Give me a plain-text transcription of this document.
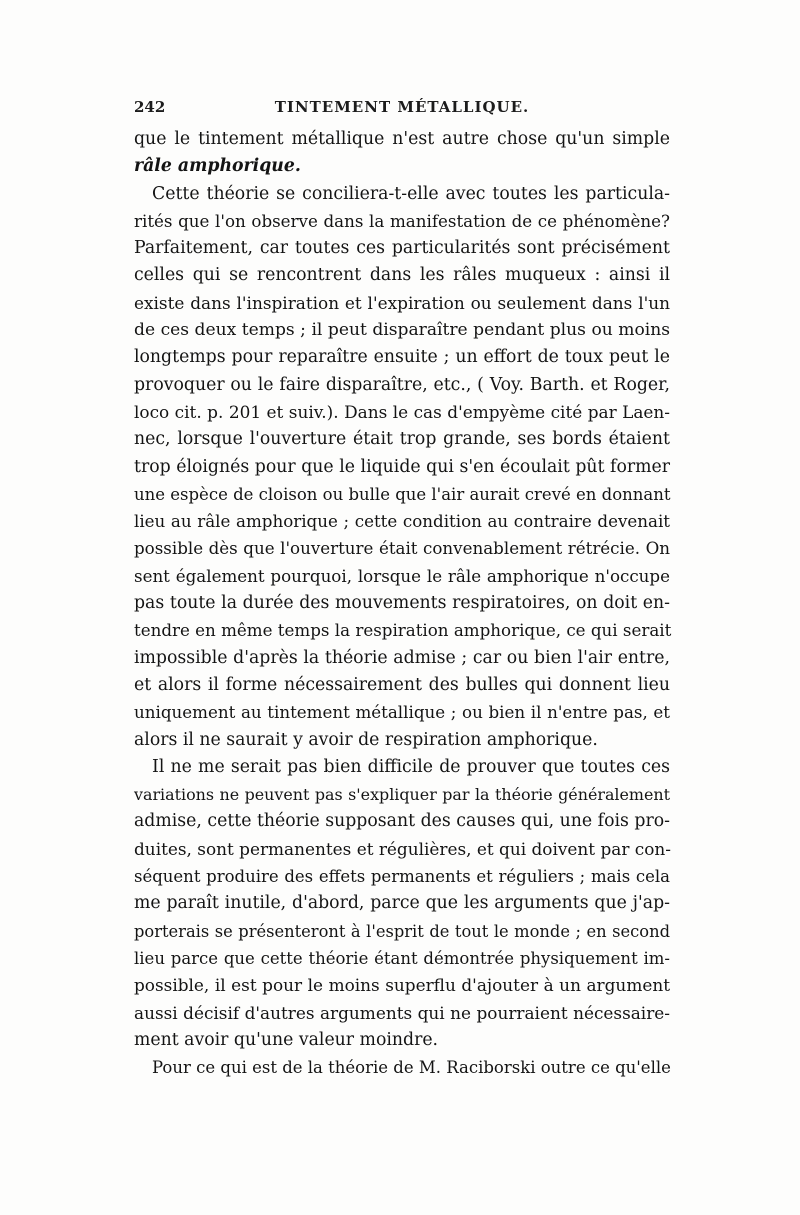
242	TINTEMENT MÉTALLIQUE.
que le tintement métallique n'est autre chose qu'un simple
râle amphorique.
Cette théorie se conciliera-t-elle avec toutes les particula-
rités que l'on observe dans la manifestation de ce phénomène?
Parfaitement, car toutes ces particularités sont précisément
celles qui se rencontrent dans les râles muqueux : ainsi il
existe dans l'inspiration et l'expiration ou seulement dans l'un
de ces deux temps ; il peut disparaître pendant plus ou moins
longtemps pour reparaître ensuite ; un effort de toux peut le
provoquer ou le faire disparaître, etc., ( Voy. Barth. et Roger,
loco cit. p. 201 et suiv.). Dans le cas d'empyème cité par Laen-
nec, lorsque l'ouverture était trop grande, ses bords étaient
trop éloignés pour que le liquide qui s'en écoulait pût former
une espèce de cloison ou bulle que l'air aurait crevé en donnant
lieu au râle amphorique ; cette condition au contraire devenait
possible dès que l'ouverture était convenablement rétrécie. On
sent également pourquoi, lorsque le râle amphorique n'occupe
pas toute la durée des mouvements respiratoires, on doit en-
tendre en même temps la respiration amphorique, ce qui serait
impossible d'après la théorie admise ; car ou bien l'air entre,
et alors il forme nécessairement des bulles qui donnent lieu
uniquement au tintement métallique ; ou bien il n'entre pas, et
alors il ne saurait y avoir de respiration amphorique.
Il ne me serait pas bien difficile de prouver que toutes ces
variations ne peuvent pas s'expliquer par la théorie généralement
admise, cette théorie supposant des causes qui, une fois pro-
duites, sont permanentes et régulières, et qui doivent par con-
séquent produire des effets permanents et réguliers ; mais cela
me paraît inutile, d'abord, parce que les arguments que j'ap-
porterais se présenteront à l'esprit de tout le monde ; en second
lieu parce que cette théorie étant démontrée physiquement im-
possible, il est pour le moins superflu d'ajouter à un argument
aussi décisif d'autres arguments qui ne pourraient nécessaire-
ment avoir qu'une valeur moindre.
Pour ce qui est de la théorie de M. Raciborski outre ce qu'elle
